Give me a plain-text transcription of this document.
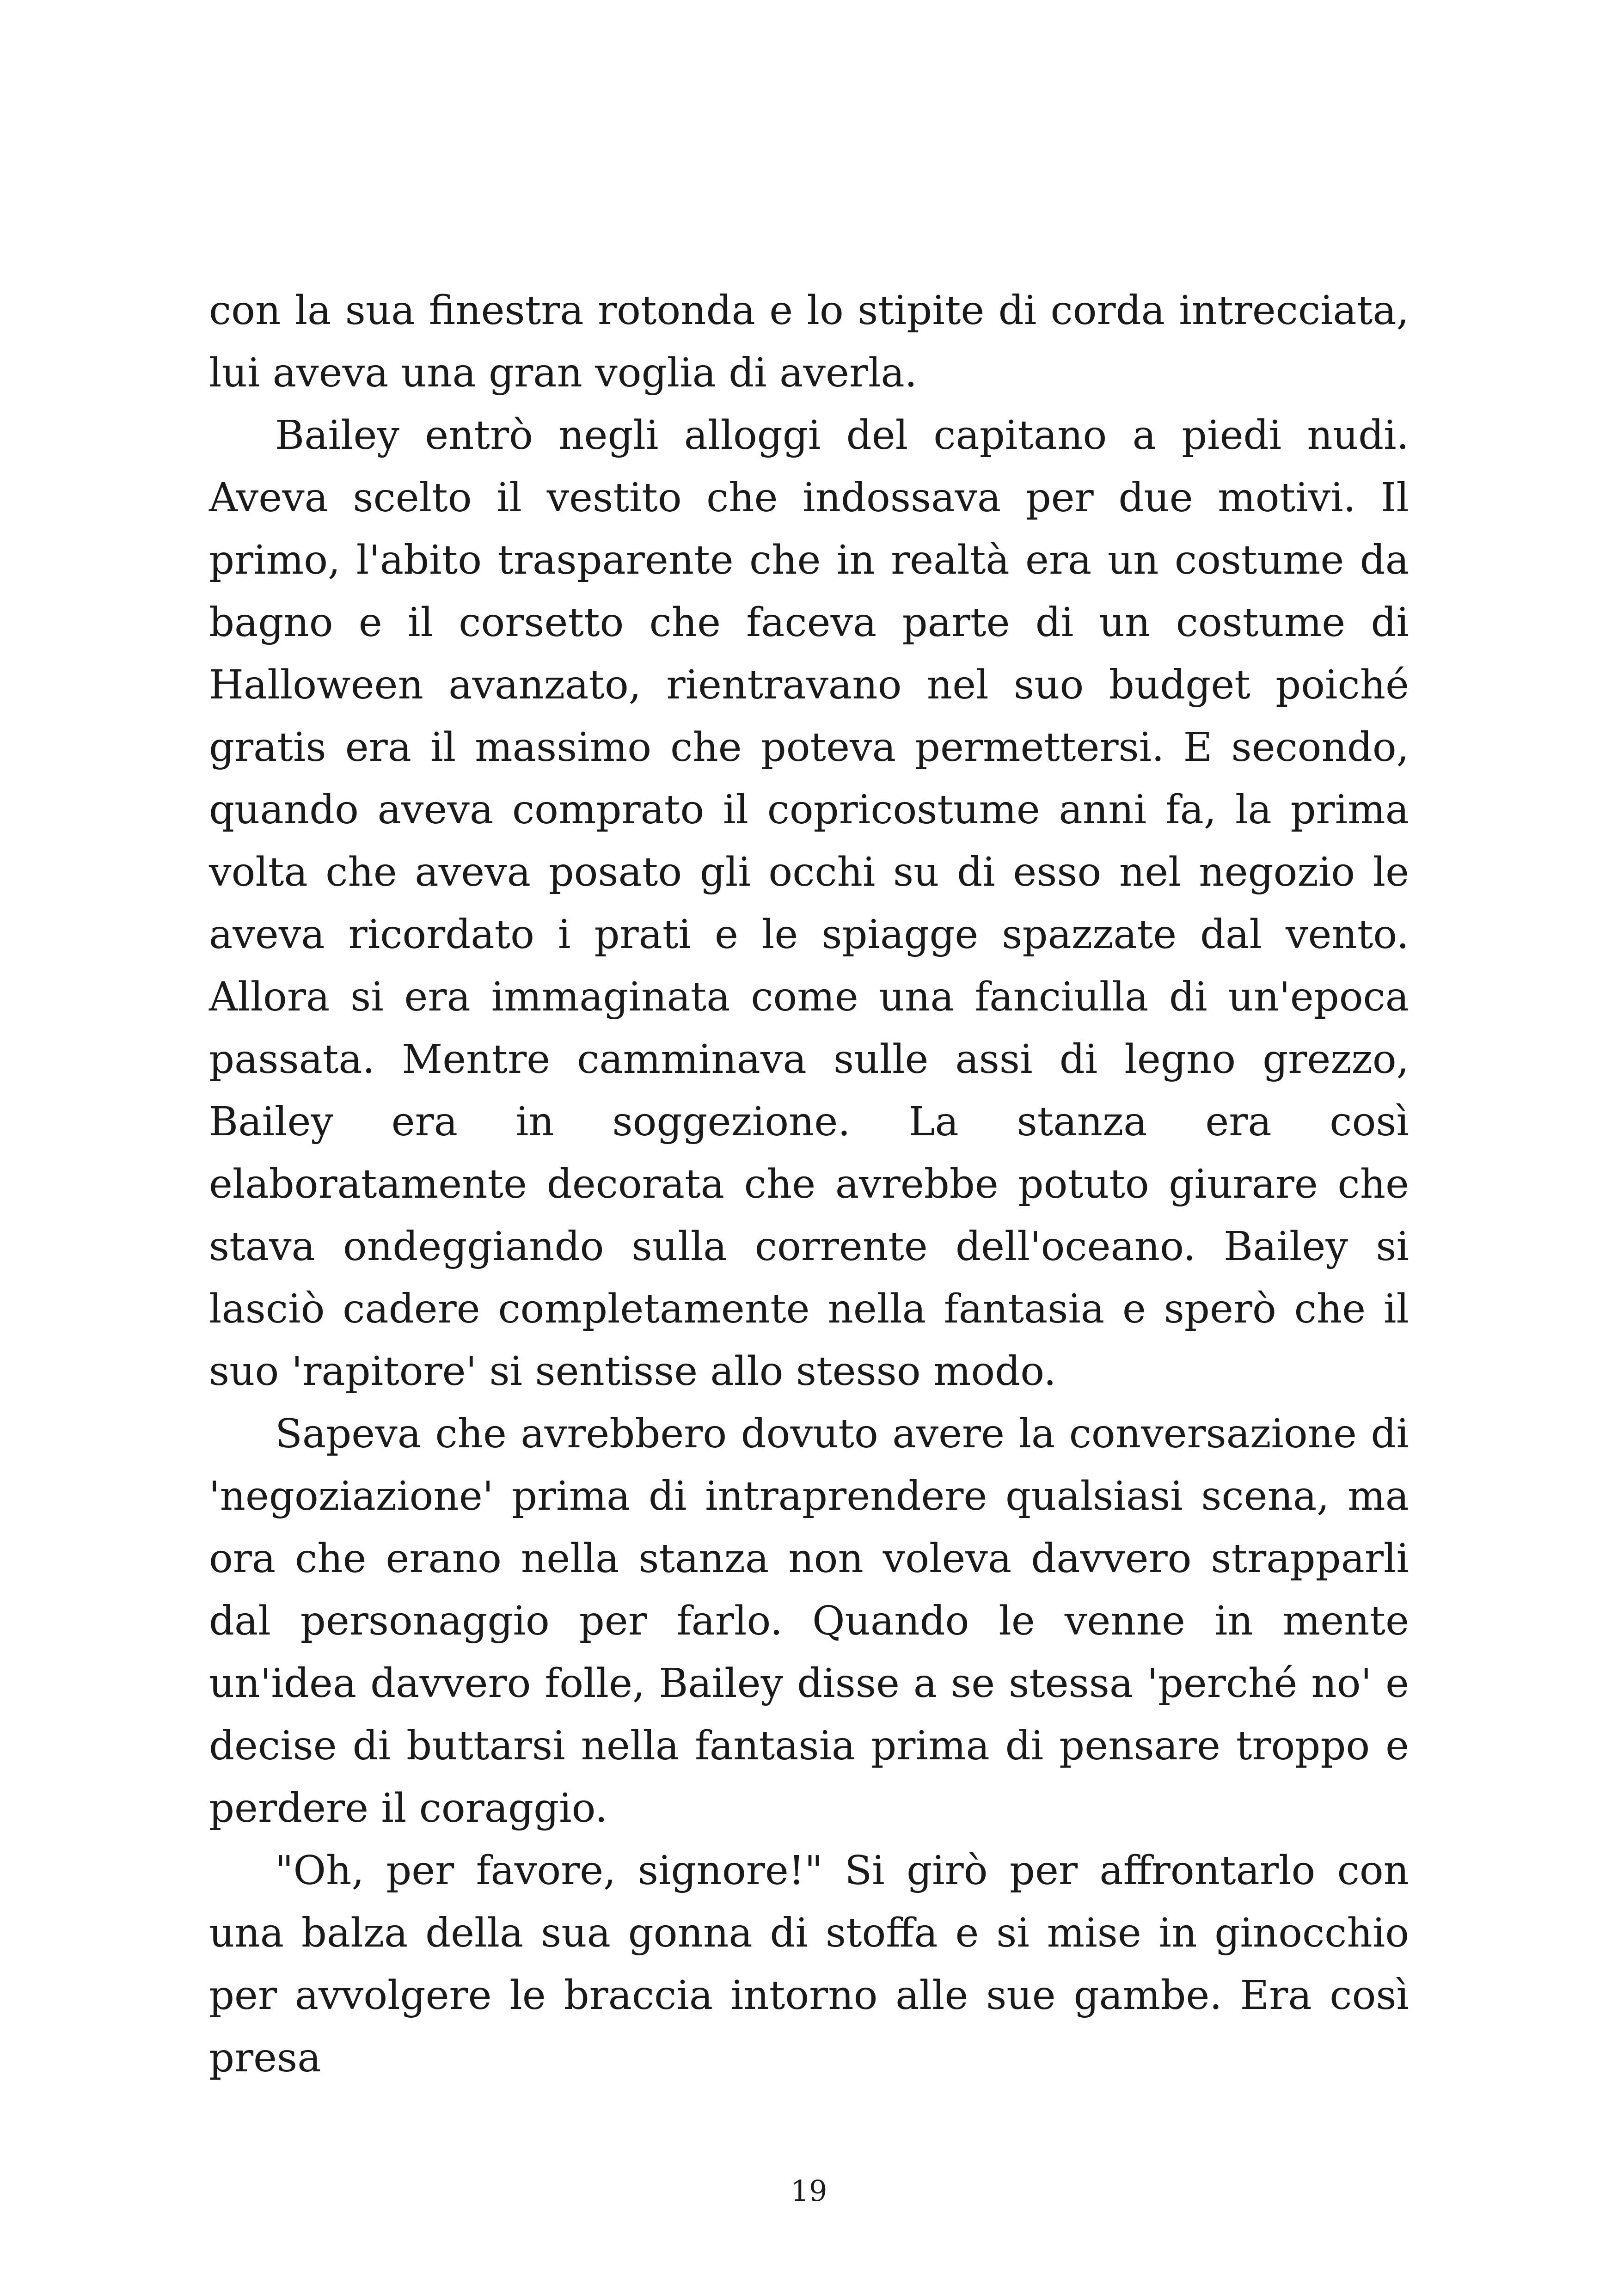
con la sua finestra rotonda e lo stipite di corda intrecciata, lui aveva una gran voglia di averla.

Bailey entrò negli alloggi del capitano a piedi nudi. Aveva scelto il vestito che indossava per due motivi. Il primo, l'abito trasparente che in realtà era un costume da bagno e il corsetto che faceva parte di un costume di Halloween avanzato, rientravano nel suo budget poiché gratis era il massimo che poteva permettersi. E secondo, quando aveva comprato il copricostume anni fa, la prima volta che aveva posato gli occhi su di esso nel negozio le aveva ricordato i prati e le spiagge spazzate dal vento. Allora si era immaginata come una fanciulla di un'epoca passata. Mentre camminava sulle assi di legno grezzo, Bailey era in soggezione. La stanza era così elaboratamente decorata che avrebbe potuto giurare che stava ondeggiando sulla corrente dell'oceano. Bailey si lasciò cadere completamente nella fantasia e sperò che il suo 'rapitore' si sentisse allo stesso modo.

Sapeva che avrebbero dovuto avere la conversazione di 'negoziazione' prima di intraprendere qualsiasi scena, ma ora che erano nella stanza non voleva davvero strapparli dal personaggio per farlo. Quando le venne in mente un'idea davvero folle, Bailey disse a se stessa 'perché no' e decise di buttarsi nella fantasia prima di pensare troppo e perdere il coraggio.

"Oh, per favore, signore!" Si girò per affrontarlo con una balza della sua gonna di stoffa e si mise in ginocchio per avvolgere le braccia intorno alle sue gambe. Era così presa

19
